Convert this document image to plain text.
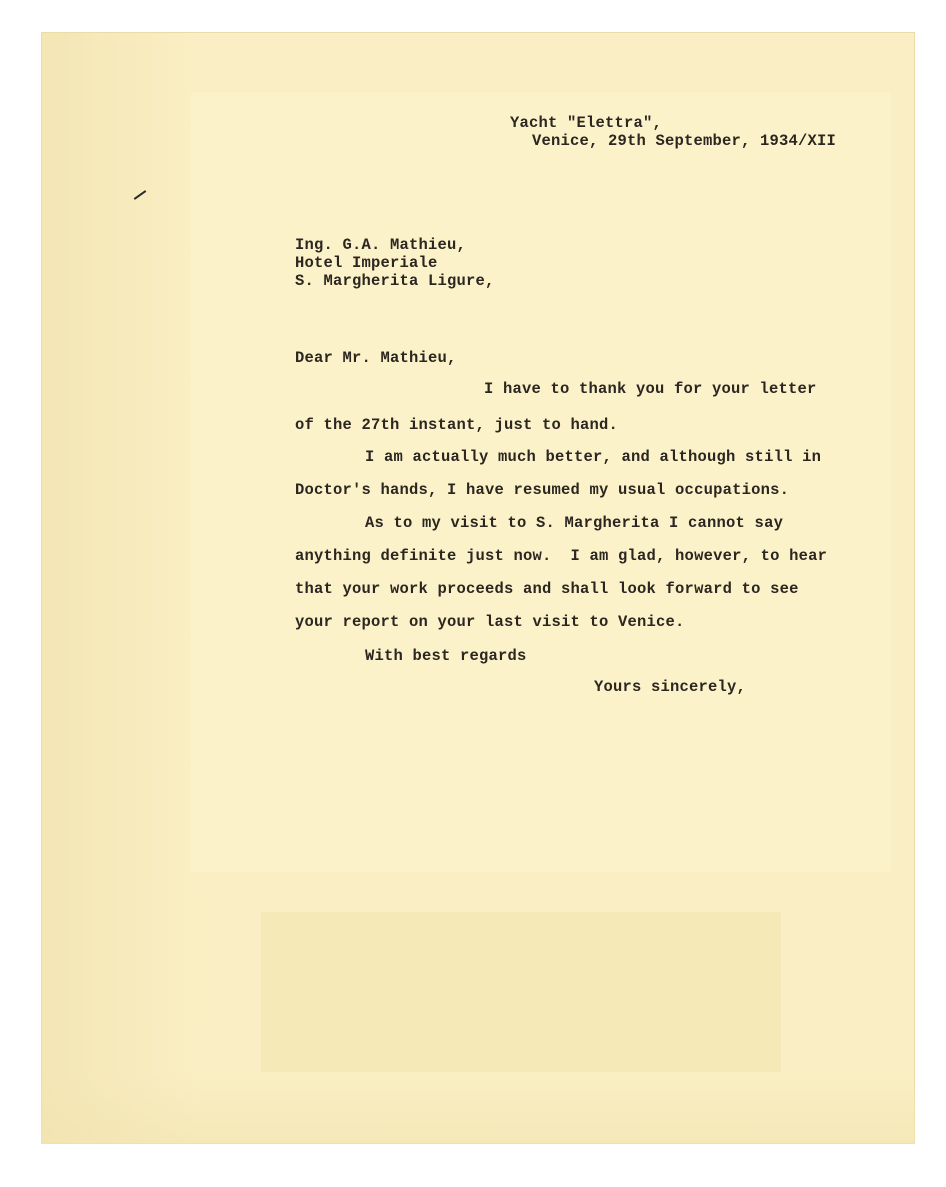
Yacht "Elettra",

Venice, 29th September, 1934/XII

Ing. G.A. Mathieu,

Hotel Imperiale

S. Margherita Ligure,

Dear Mr. Mathieu,

I have to thank you for your letter

of the 27th instant, just to hand.

I am actually much better, and although still in

Doctor's hands, I have resumed my usual occupations.

As to my visit to S. Margherita I cannot say

anything definite just now.  I am glad, however, to hear

that your work proceeds and shall look forward to see

your report on your last visit to Venice.

With best regards

Yours sincerely,
